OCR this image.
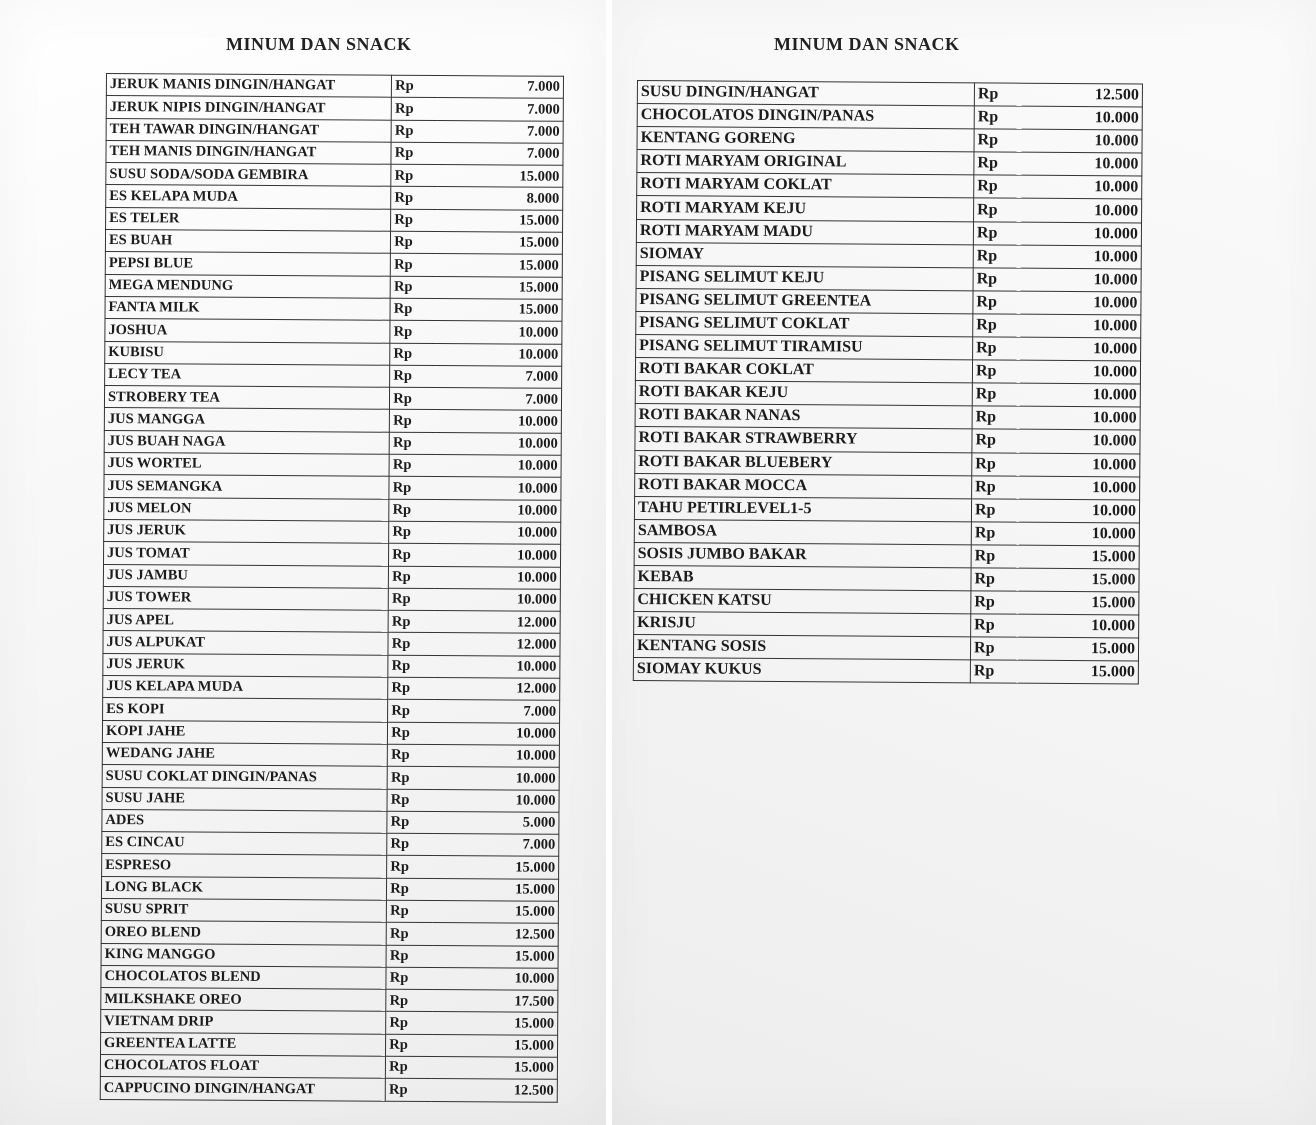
MINUM DAN SNACK	MINUM DAN SNACK
JERUK MANIS DINGIN/HANGAT	Rp	7.000
JERUK NIPIS DINGIN/HANGAT	Rp	7.000
TEH TAWAR DINGIN/HANGAT	Rp	7.000
TEH MANIS DINGIN/HANGAT	Rp	7.000
SUSU SODA/SODA GEMBIRA	Rp	15.000
ES KELAPA MUDA	Rp	8.000
ES TELER	Rp	15.000
ES BUAH	Rp	15.000
PEPSI BLUE	Rp	15.000
MEGA MENDUNG	Rp	15.000
FANTA MILK	Rp	15.000
JOSHUA	Rp	10.000
KUBISU	Rp	10.000
LECY TEA	Rp	7.000
STROBERY TEA	Rp	7.000
JUS MANGGA	Rp	10.000
JUS BUAH NAGA	Rp	10.000
JUS WORTEL	Rp	10.000
JUS SEMANGKA	Rp	10.000
JUS MELON	Rp	10.000
JUS JERUK	Rp	10.000
JUS TOMAT	Rp	10.000
JUS JAMBU	Rp	10.000
JUS TOWER	Rp	10.000
JUS APEL	Rp	12.000
JUS ALPUKAT	Rp	12.000
JUS JERUK	Rp	10.000
JUS KELAPA MUDA	Rp	12.000
ES KOPI	Rp	7.000
KOPI JAHE	Rp	10.000
WEDANG JAHE	Rp	10.000
SUSU COKLAT DINGIN/PANAS	Rp	10.000
SUSU JAHE	Rp	10.000
ADES	Rp	5.000
ES CINCAU	Rp	7.000
ESPRESO	Rp	15.000
LONG BLACK	Rp	15.000
SUSU SPRIT	Rp	15.000
OREO BLEND	Rp	12.500
KING MANGGO	Rp	15.000
CHOCOLATOS BLEND	Rp	10.000
MILKSHAKE OREO	Rp	17.500
VIETNAM DRIP	Rp	15.000
GREENTEA LATTE	Rp	15.000
CHOCOLATOS FLOAT	Rp	15.000
CAPPUCINO DINGIN/HANGAT	Rp	12.500
SUSU DINGIN/HANGAT	Rp	12.500
CHOCOLATOS DINGIN/PANAS	Rp	10.000
KENTANG GORENG	Rp	10.000
ROTI MARYAM ORIGINAL	Rp	10.000
ROTI MARYAM COKLAT	Rp	10.000
ROTI MARYAM KEJU	Rp	10.000
ROTI MARYAM MADU	Rp	10.000
SIOMAY	Rp	10.000
PISANG SELIMUT KEJU	Rp	10.000
PISANG SELIMUT GREENTEA	Rp	10.000
PISANG SELIMUT COKLAT	Rp	10.000
PISANG SELIMUT TIRAMISU	Rp	10.000
ROTI BAKAR COKLAT	Rp	10.000
ROTI BAKAR KEJU	Rp	10.000
ROTI BAKAR NANAS	Rp	10.000
ROTI BAKAR STRAWBERRY	Rp	10.000
ROTI BAKAR BLUEBERY	Rp	10.000
ROTI BAKAR MOCCA	Rp	10.000
TAHU PETIRLEVEL1-5	Rp	10.000
SAMBOSA	Rp	10.000
SOSIS JUMBO BAKAR	Rp	15.000
KEBAB	Rp	15.000
CHICKEN KATSU	Rp	15.000
KRISJU	Rp	10.000
KENTANG SOSIS	Rp	15.000
SIOMAY KUKUS	Rp	15.000
